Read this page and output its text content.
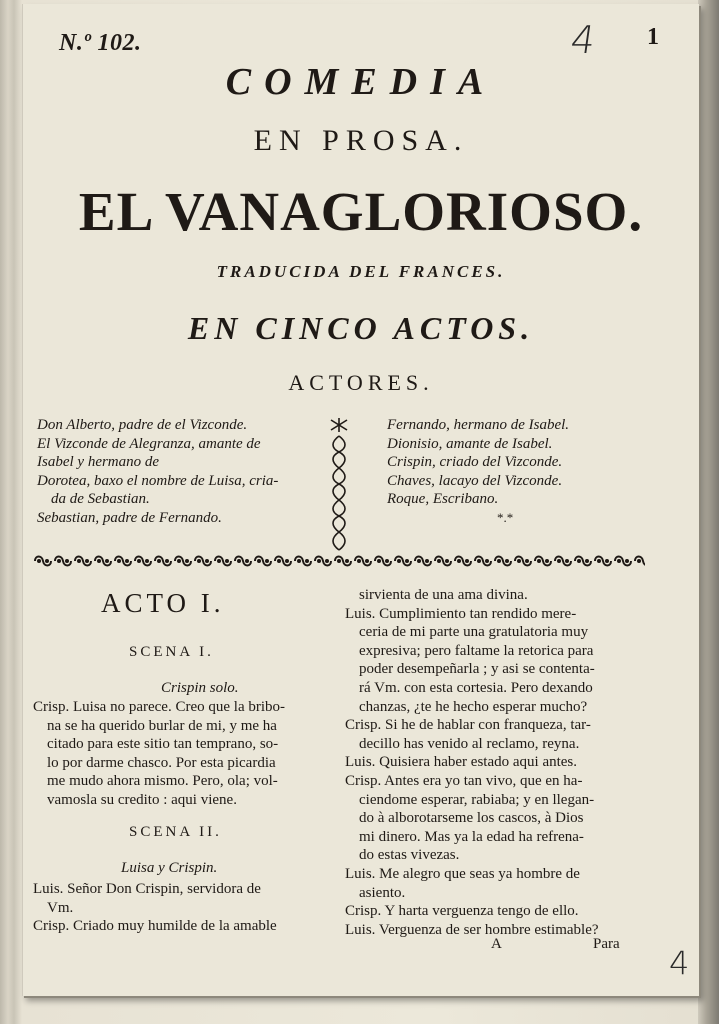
N.º 102.	4 1
COMEDIA
EN PROSA.
EL VANAGLORIOSO.
TRADUCIDA DEL FRANCES.
EN CINCO ACTOS.
ACTORES.
Don Alberto, padre de el Vizconde.
El Vizconde de Alegranza, amante de
Isabel y hermano de
Dorotea, baxo el nombre de Luisa, cria-
da de Sebastian.
Sebastian, padre de Fernando.
Fernando, hermano de Isabel.
Dionisio, amante de Isabel.
Crispin, criado del Vizconde.
Chaves, lacayo del Vizconde.
Roque, Escribano.
*.*
ACTO I.
SCENA I.
Crispin solo.
Crisp. Luisa no parece. Creo que la bribo-
na se ha querido burlar de mi, y me ha
citado para este sitio tan temprano, so-
lo por darme chasco. Por esta picardia
me mudo ahora mismo. Pero, ola; vol-
vamosla su credito : aqui viene.
SCENA II.
Luisa y Crispin.
Luis. Señor Don Crispin, servidora de
Vm.
Crisp. Criado muy humilde de la amable
sirvienta de una ama divina.
Luis. Cumplimiento tan rendido mere-
ceria de mi parte una gratulatoria muy
expresiva; pero faltame la retorica para
poder desempeñarla ; y asi se contenta-
rá Vm. con esta cortesia. Pero dexando
chanzas, ¿te he hecho esperar mucho?
Crisp. Si he de hablar con franqueza, tar-
decillo has venido al reclamo, reyna.
Luis. Quisiera haber estado aqui antes.
Crisp. Antes era yo tan vivo, que en ha-
ciendome esperar, rabiaba; y en llegan-
do à alborotarseme los cascos, à Dios
mi dinero. Mas ya la edad ha refrena-
do estas vivezas.
Luis. Me alegro que seas ya hombre de
asiento.
Crisp. Y harta verguenza tengo de ello.
Luis. Verguenza de ser hombre estimable?
A	Para 4
